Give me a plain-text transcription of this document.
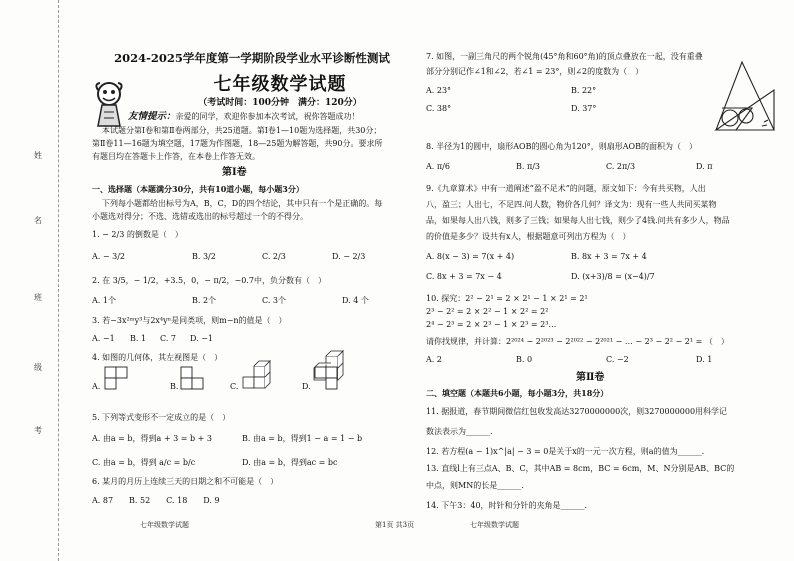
姓
名
班
级
考
2024-2025学年度第一学期阶段学业水平诊断性测试
七年级数学试题
（考试时间：100分钟　满分：120分）
友情提示：亲爱的同学，欢迎你参加本次考试，祝你答题成功！
本试题分第Ⅰ卷和第Ⅱ卷两部分，共25道题。第Ⅰ卷1—10题为选择题，共30分；
第Ⅱ卷11—16题为填空题，17题为作图题，18—25题为解答题，共90分。要求所
有题目均在答题卡上作答，在本卷上作答无效。
第Ⅰ卷
一、选择题（本题满分30分，共有10道小题，每小题3分）
下列每小题都给出标号为A，B，C，D的四个结论，其中只有一个是正确的。每
小题选对得分；不选、选错或选出的标号超过一个的不得分。
1. − 2/3 的倒数是（　）
A. − 3/2	B. 3/2	C. 2/3	D. − 2/3
2. 在 3/5，− 1/2，+3.5，0，− π/2，−0.7中，负分数有（　）
A. 1个	B. 2个	C. 3个	D. 4 个
3. 若−3x²ᵐy³与2x⁴yⁿ是同类项，则m−n的值是（　）
A. −1 B. 1 C. 7 D. −1
4. 如图的几何体，其左视图是（　）
A.	B.	C.	D.
5. 下列等式变形不一定成立的是（　）
A. 由a = b，得到a + 3 = b + 3	B. 由a = b，得到1 − a = 1 − b
C. 由a = b，得到 a/c = b/c	D. 由a = b，得到ac = bc
6. 某月的月历上连续三天的日期之和不可能是（　）
A. 87　　B. 52　　C. 18　　D. 9
7. 如图，一副三角尺的两个锐角(45°角和60°角)的顶点叠放在一起，没有重叠
部分分别记作∠1和∠2，若∠1 = 23°，则∠2的度数为（　）
A. 23°	B. 22°
C. 38°	D. 37°
8. 半径为1的圆中，扇形AOB的圆心角为120°，则扇形AOB的面积为（　）
A. π/6	B. π/3	C. 2π/3	D. π
9.《九章算术》中有一道阐述“盈不足术”的问题，原文如下：今有共买物，人出
八，盈三；人出七，不足四.问人数，物价各几何？译文为：现有一些人共同买某物
品，如果每人出八钱，则多了三钱；如果每人出七钱，则少了4钱.问共有多少人，物品
的价值是多少？设共有x人，根据题意可列出方程为（　）
A. 8(x − 3) = 7(x + 4)	B. 8x + 3 = 7x + 4
C. 8x + 3 = 7x − 4	D. (x+3)/8 = (x−4)/7
10. 探究：2² − 2¹ = 2 × 2¹ − 1 × 2¹ = 2¹
2³ − 2² = 2 × 2² − 1 × 2² = 2²
2⁴ − 2³ = 2 × 2³ − 1 × 2³ = 2³…
请你找规律，并计算：2²⁰²⁴ − 2²⁰²³ − 2²⁰²² − 2²⁰²¹ − … − 2³ − 2² − 2¹ = （　）
A. 2	B. 0	C. −2	D. 1
第Ⅱ卷
二、填空题（本题共6小题，每小题3分，共18分）
11. 据报道，春节期间微信红包收发高达3270000000次，则3270000000用科学记
数法表示为______.
12. 若方程(a − 1)x^|a| − 3 = 0是关于x的一元一次方程，则a的值为______.
13. 直线l上有三点A、B、C，其中AB = 8cm，BC = 6cm，M、N分别是AB、BC的
中点，则MN的长是______.
14. 下午3：40，时针和分针的夹角是______.
七年级数学试题	第1页 共3页	七年级数学试题
